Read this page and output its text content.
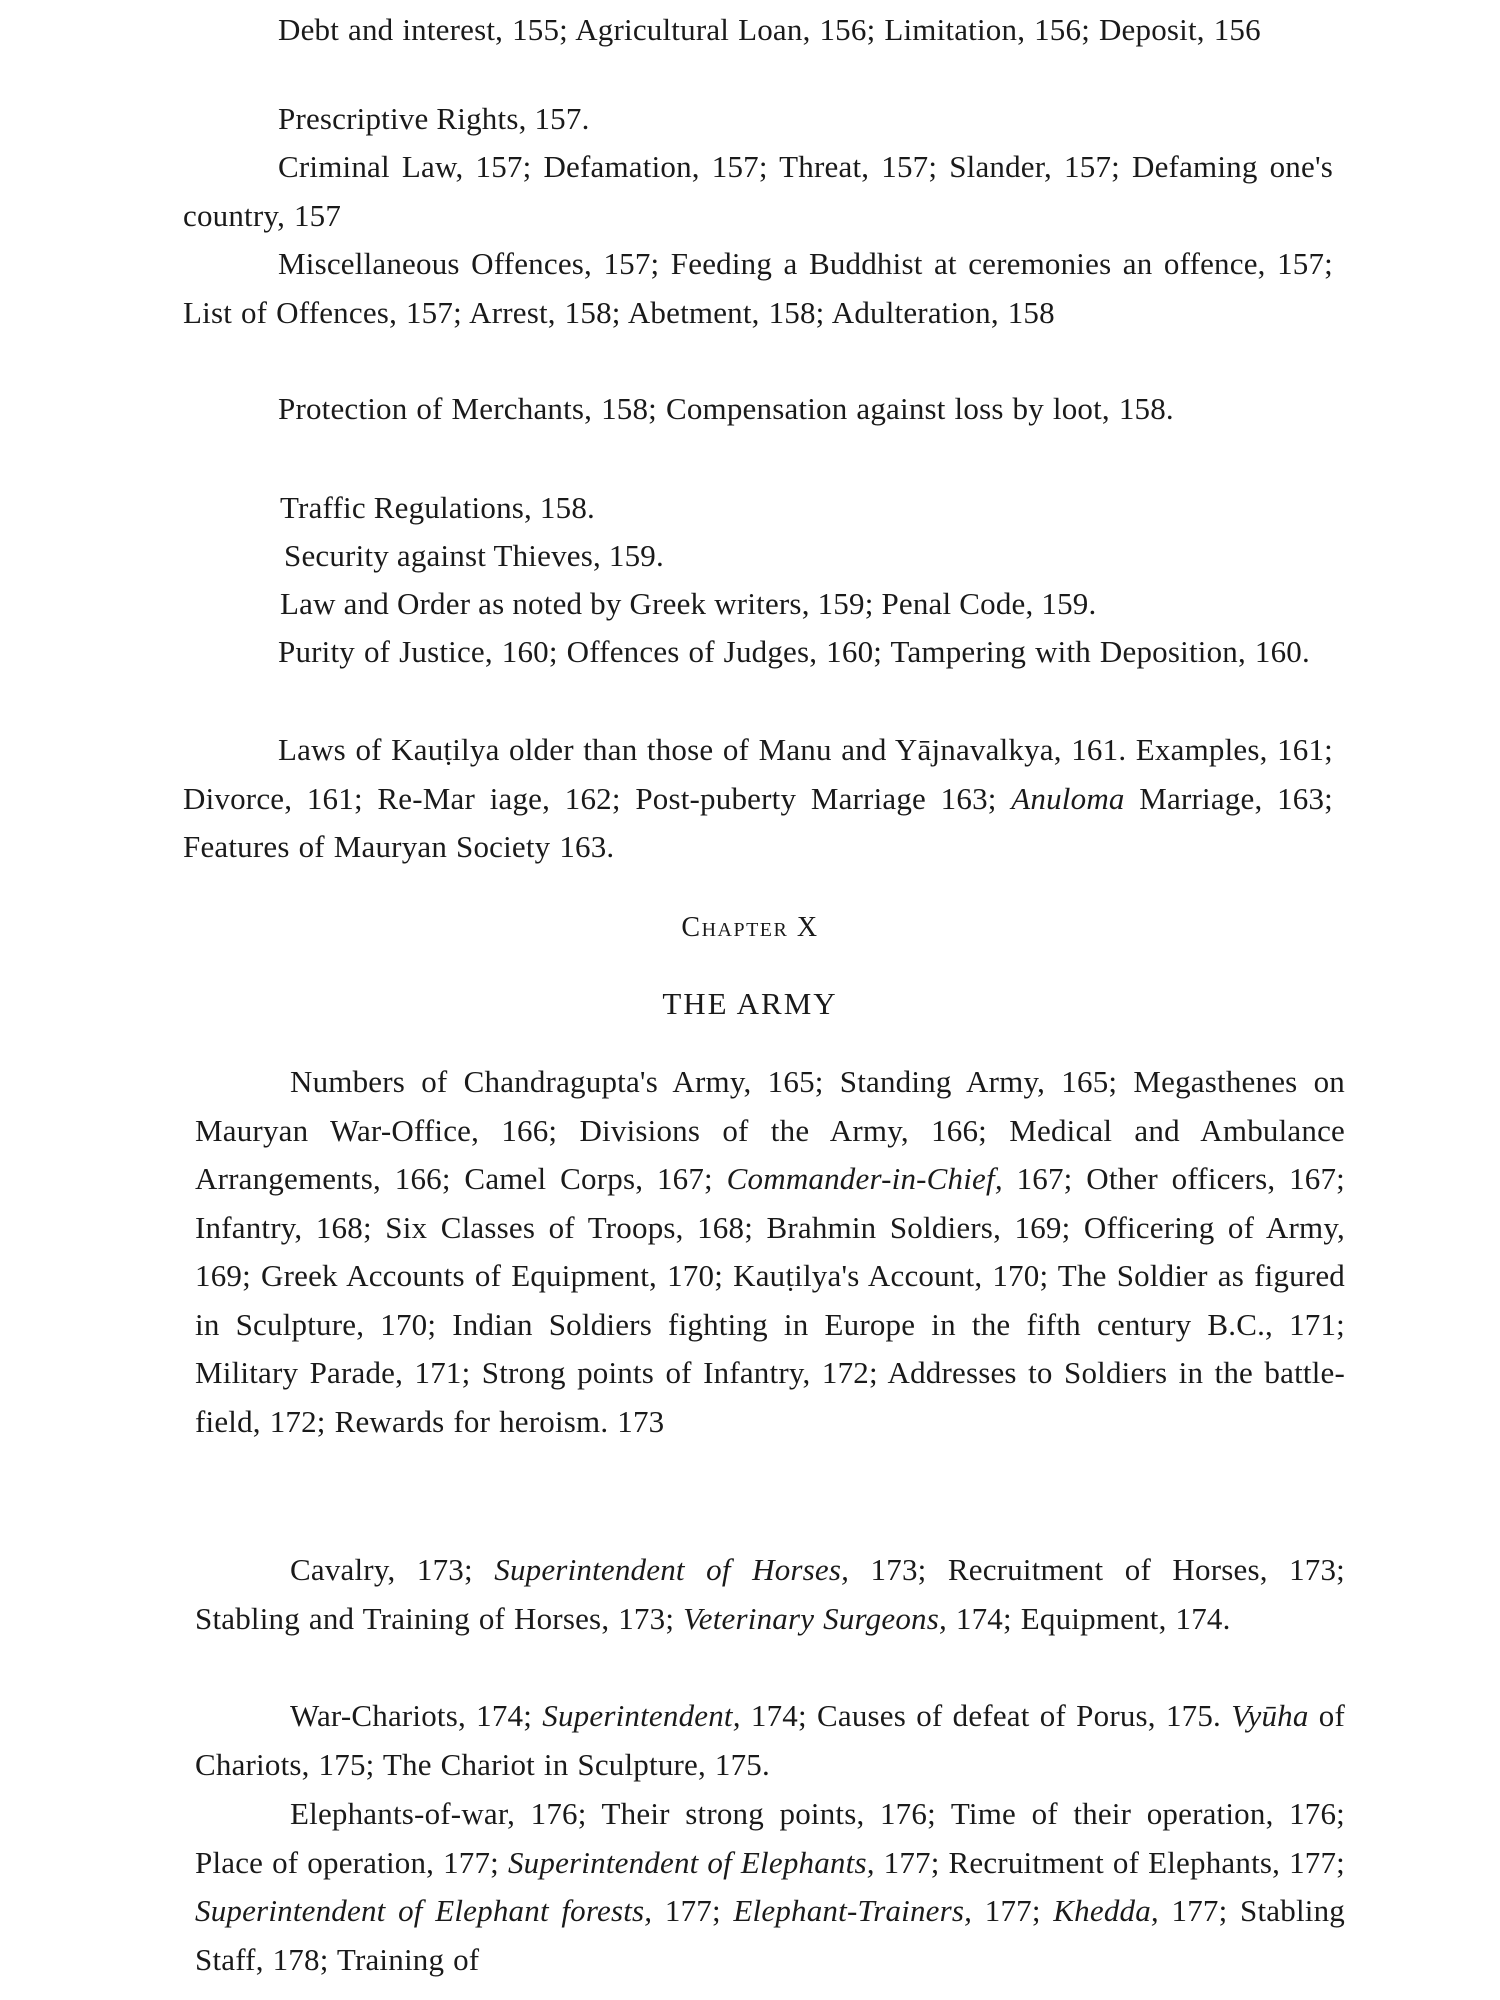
Debt and interest, 155; Agricultural Loan, 156; Limitation, 156; Deposit, 156
Prescriptive Rights, 157.
Criminal Law, 157; Defamation, 157; Threat, 157; Slander, 157; Defaming one's country, 157
Miscellaneous Offences, 157; Feeding a Buddhist at ceremonies an offence, 157; List of Offences, 157; Arrest, 158; Abetment, 158; Adulteration, 158
Protection of Merchants, 158; Compensation against loss by loot, 158.
Traffic Regulations, 158.
Security against Thieves, 159.
Law and Order as noted by Greek writers, 159; Penal Code, 159.
Purity of Justice, 160; Offences of Judges, 160; Tampering with Deposition, 160.
Laws of Kauṭilya older than those of Manu and Yājnavalkya, 161. Examples, 161; Divorce, 161; Re-Mar iage, 162; Post-puberty Marriage 163; Anuloma Marriage, 163; Features of Mauryan Society 163.
Chapter X
THE ARMY
Numbers of Chandragupta's Army, 165; Standing Army, 165; Megasthenes on Mauryan War-Office, 166; Divisions of the Army, 166; Medical and Ambulance Arrangements, 166; Camel Corps, 167; Commander-in-Chief, 167; Other officers, 167; Infantry, 168; Six Classes of Troops, 168; Brahmin Soldiers, 169; Officering of Army, 169; Greek Accounts of Equipment, 170; Kauṭilya's Account, 170; The Soldier as figured in Sculpture, 170; Indian Soldiers fighting in Europe in the fifth century B.C., 171; Military Parade, 171; Strong points of Infantry, 172; Addresses to Soldiers in the battle-field, 172; Rewards for heroism. 173
Cavalry, 173; Superintendent of Horses, 173; Recruitment of Horses, 173; Stabling and Training of Horses, 173; Veterinary Surgeons, 174; Equipment, 174.
War-Chariots, 174; Superintendent, 174; Causes of defeat of Porus, 175. Vyūha of Chariots, 175; The Chariot in Sculpture, 175.
Elephants-of-war, 176; Their strong points, 176; Time of their operation, 176; Place of operation, 177; Superintendent of Elephants, 177; Recruitment of Elephants, 177; Superintendent of Elephant forests, 177; Elephant-Trainers, 177; Khedda, 177; Stabling Staff, 178; Training of
